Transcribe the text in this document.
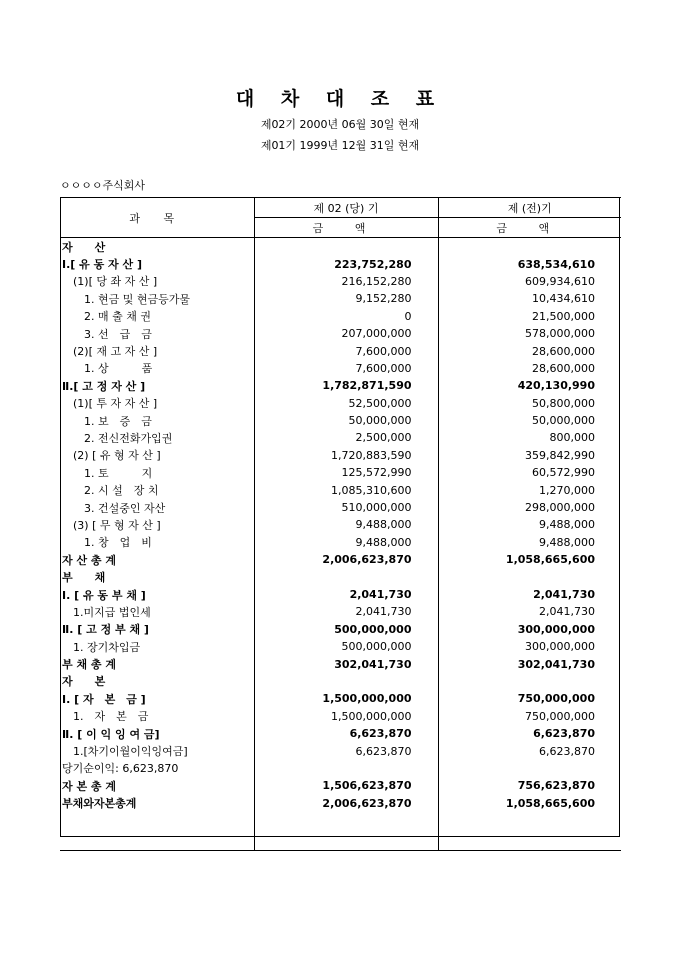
대 차 대 조 표
제02기 2000년 06월 30일 현재
제01기 1999년 12월 31일 현재
ㅇㅇㅇㅇ주식회사
과 목	제 02 (당) 기	제 (전)기
	금 액	금 액
자　　산		
Ⅰ.[ 유 동 자 산 ]	223,752,280	638,534,610
　(1)[ 당 좌 자 산 ]	216,152,280	609,934,610
　　1. 현금 및 현금등가물	9,152,280	10,434,610
　　2. 매 출 채 권	0	21,500,000
　　3. 선　급　금	207,000,000	578,000,000
　(2)[ 재 고 자 산 ]	7,600,000	28,600,000
　　1. 상　　　품	7,600,000	28,600,000
Ⅱ.[ 고 정 자 산 ]	1,782,871,590	420,130,990
　(1)[ 투 자 자 산 ]	52,500,000	50,800,000
　　1. 보　증　금	50,000,000	50,000,000
　　2. 전신전화가입권	2,500,000	800,000
　(2) [ 유 형 자 산 ]	1,720,883,590	359,842,990
　　1. 토　　　지	125,572,990	60,572,990
　　2. 시 설　장 치	1,085,310,600	1,270,000
　　3. 건설중인 자산	510,000,000	298,000,000
　(3) [ 무 형 자 산 ]	9,488,000	9,488,000
　　1. 창　업　비	9,488,000	9,488,000
자 산 총 계	2,006,623,870	1,058,665,600
부　　채		
Ⅰ. [ 유 동 부 채 ]	2,041,730	2,041,730
　1.미지급 법인세	2,041,730	2,041,730
Ⅱ. [ 고 정 부 채 ]	500,000,000	300,000,000
　1. 장기차입금	500,000,000	300,000,000
부 채 총 계	302,041,730	302,041,730
자　　본		
Ⅰ. [ 자　본　금 ]	1,500,000,000	750,000,000
　1.　자　본　금	1,500,000,000	750,000,000
Ⅱ. [ 이 익 잉 여 금]	6,623,870	6,623,870
　1.[차기이월이익잉여금]	6,623,870	6,623,870
당기순이익: 6,623,870		
자 본 총 계	1,506,623,870	756,623,870
부채와자본총계	2,006,623,870	1,058,665,600
